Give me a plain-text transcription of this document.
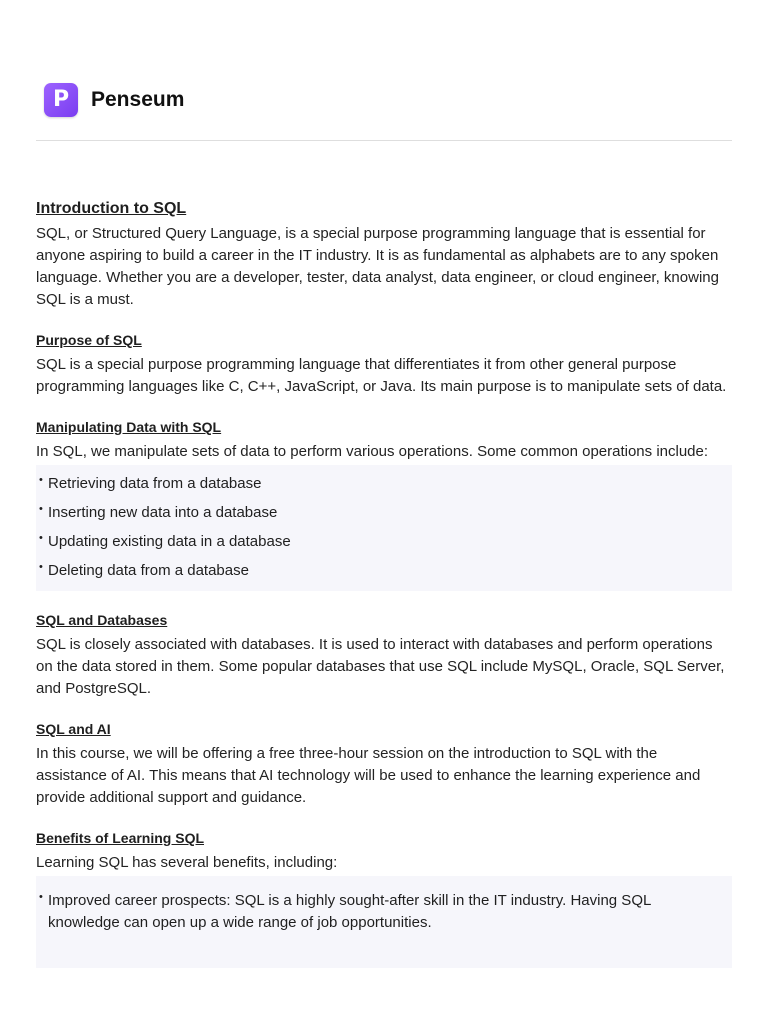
P	Penseum
Introduction to SQL

SQL, or Structured Query Language, is a special purpose programming language that is essential for anyone aspiring to build a career in the IT industry. It is as fundamental as alphabets are to any spoken language. Whether you are a developer, tester, data analyst, data engineer, or cloud engineer, knowing SQL is a must.

Purpose of SQL

SQL is a special purpose programming language that differentiates it from other general purpose programming languages like C, C++, JavaScript, or Java. Its main purpose is to manipulate sets of data.

Manipulating Data with SQL

In SQL, we manipulate sets of data to perform various operations. Some common operations include:

• Retrieving data from a database
• Inserting new data into a database
• Updating existing data in a database
• Deleting data from a database
SQL and Databases

SQL is closely associated with databases. It is used to interact with databases and perform operations on the data stored in them. Some popular databases that use SQL include MySQL, Oracle, SQL Server, and PostgreSQL.

SQL and AI

In this course, we will be offering a free three-hour session on the introduction to SQL with the assistance of AI. This means that AI technology will be used to enhance the learning experience and provide additional support and guidance.

Benefits of Learning SQL

Learning SQL has several benefits, including:

• Improved career prospects: SQL is a highly sought-after skill in the IT industry. Having SQL knowledge can open up a wide range of job opportunities.
